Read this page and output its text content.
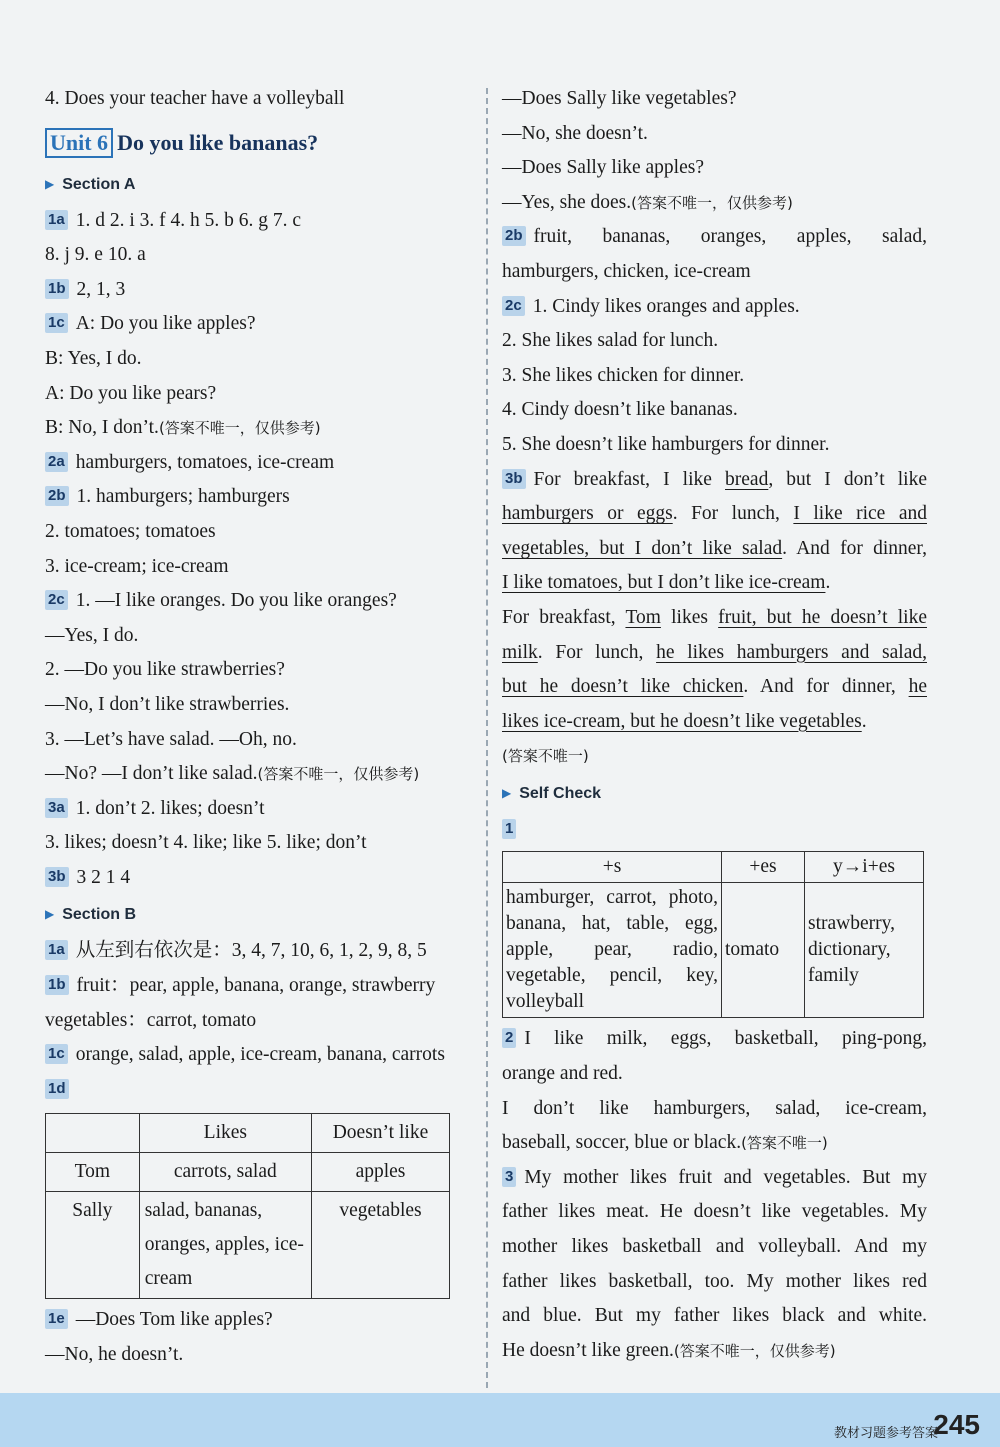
4. Does your teacher have a volleyball
Unit 6 Do you like bananas?
▶ Section A
1a 1. d 2. i 3. f 4. h 5. b 6. g 7. c
8. j 9. e 10. a
1b 2, 1, 3
1c A: Do you like apples?
B: Yes, I do.
A: Do you like pears?
B: No, I don’t.(答案不唯一，仅供参考)
2a hamburgers, tomatoes, ice-cream
2b 1. hamburgers; hamburgers
2. tomatoes; tomatoes
3. ice-cream; ice-cream
2c 1. —I like oranges. Do you like oranges?
—Yes, I do.
2. —Do you like strawberries?
—No, I don’t like strawberries.
3. —Let’s have salad. —Oh, no.
—No? —I don’t like salad.(答案不唯一，仅供参考)
3a 1. don’t 2. likes; doesn’t
3. likes; doesn’t 4. like; like 5. like; don’t
3b 3 2 1 4
▶ Section B
1a 从左到右依次是：3, 4, 7, 10, 6, 1, 2, 9, 8, 5
1b fruit：pear, apple, banana, orange, strawberry
vegetables：carrot, tomato
1c orange, salad, apple, ice-cream, banana, carrots
1d
	Likes	Doesn’t like
Tom	carrots, salad	apples
Sally	salad, bananas, oranges, apples, ice-cream	vegetables
1e —Does Tom like apples?
—No, he doesn’t.
—Does Sally like vegetables?
—No, she doesn’t.
—Does Sally like apples?
—Yes, she does.(答案不唯一，仅供参考)
2b fruit, bananas, oranges, apples, salad,
hamburgers, chicken, ice-cream
2c 1. Cindy likes oranges and apples.
2. She likes salad for lunch.
3. She likes chicken for dinner.
4. Cindy doesn’t like bananas.
5. She doesn’t like hamburgers for dinner.
3b For breakfast, I like bread, but I don’t like
hamburgers or eggs. For lunch, I like rice and
vegetables, but I don’t like salad. And for dinner,
I like tomatoes, but I don’t like ice-cream.
For breakfast, Tom likes fruit, but he doesn’t like
milk. For lunch, he likes hamburgers and salad,
but he doesn’t like chicken. And for dinner, he
likes ice-cream, but he doesn’t like vegetables.
(答案不唯一)
▶ Self Check
1
+s	+es	y→i+es
hamburger, carrot, photo, banana, hat, table, egg, apple, pear, radio, vegetable, pencil, key, volleyball	tomato	strawberry, dictionary, family
2 I like milk, eggs, basketball, ping-pong,
orange and red.
I don’t like hamburgers, salad, ice-cream,
baseball, soccer, blue or black.(答案不唯一)
3 My mother likes fruit and vegetables. But my
father likes meat. He doesn’t like vegetables. My
mother likes basketball and volleyball. And my
father likes basketball, too. My mother likes red
and blue. But my father likes black and white.
He doesn’t like green.(答案不唯一，仅供参考)
教材习题参考答案
245
